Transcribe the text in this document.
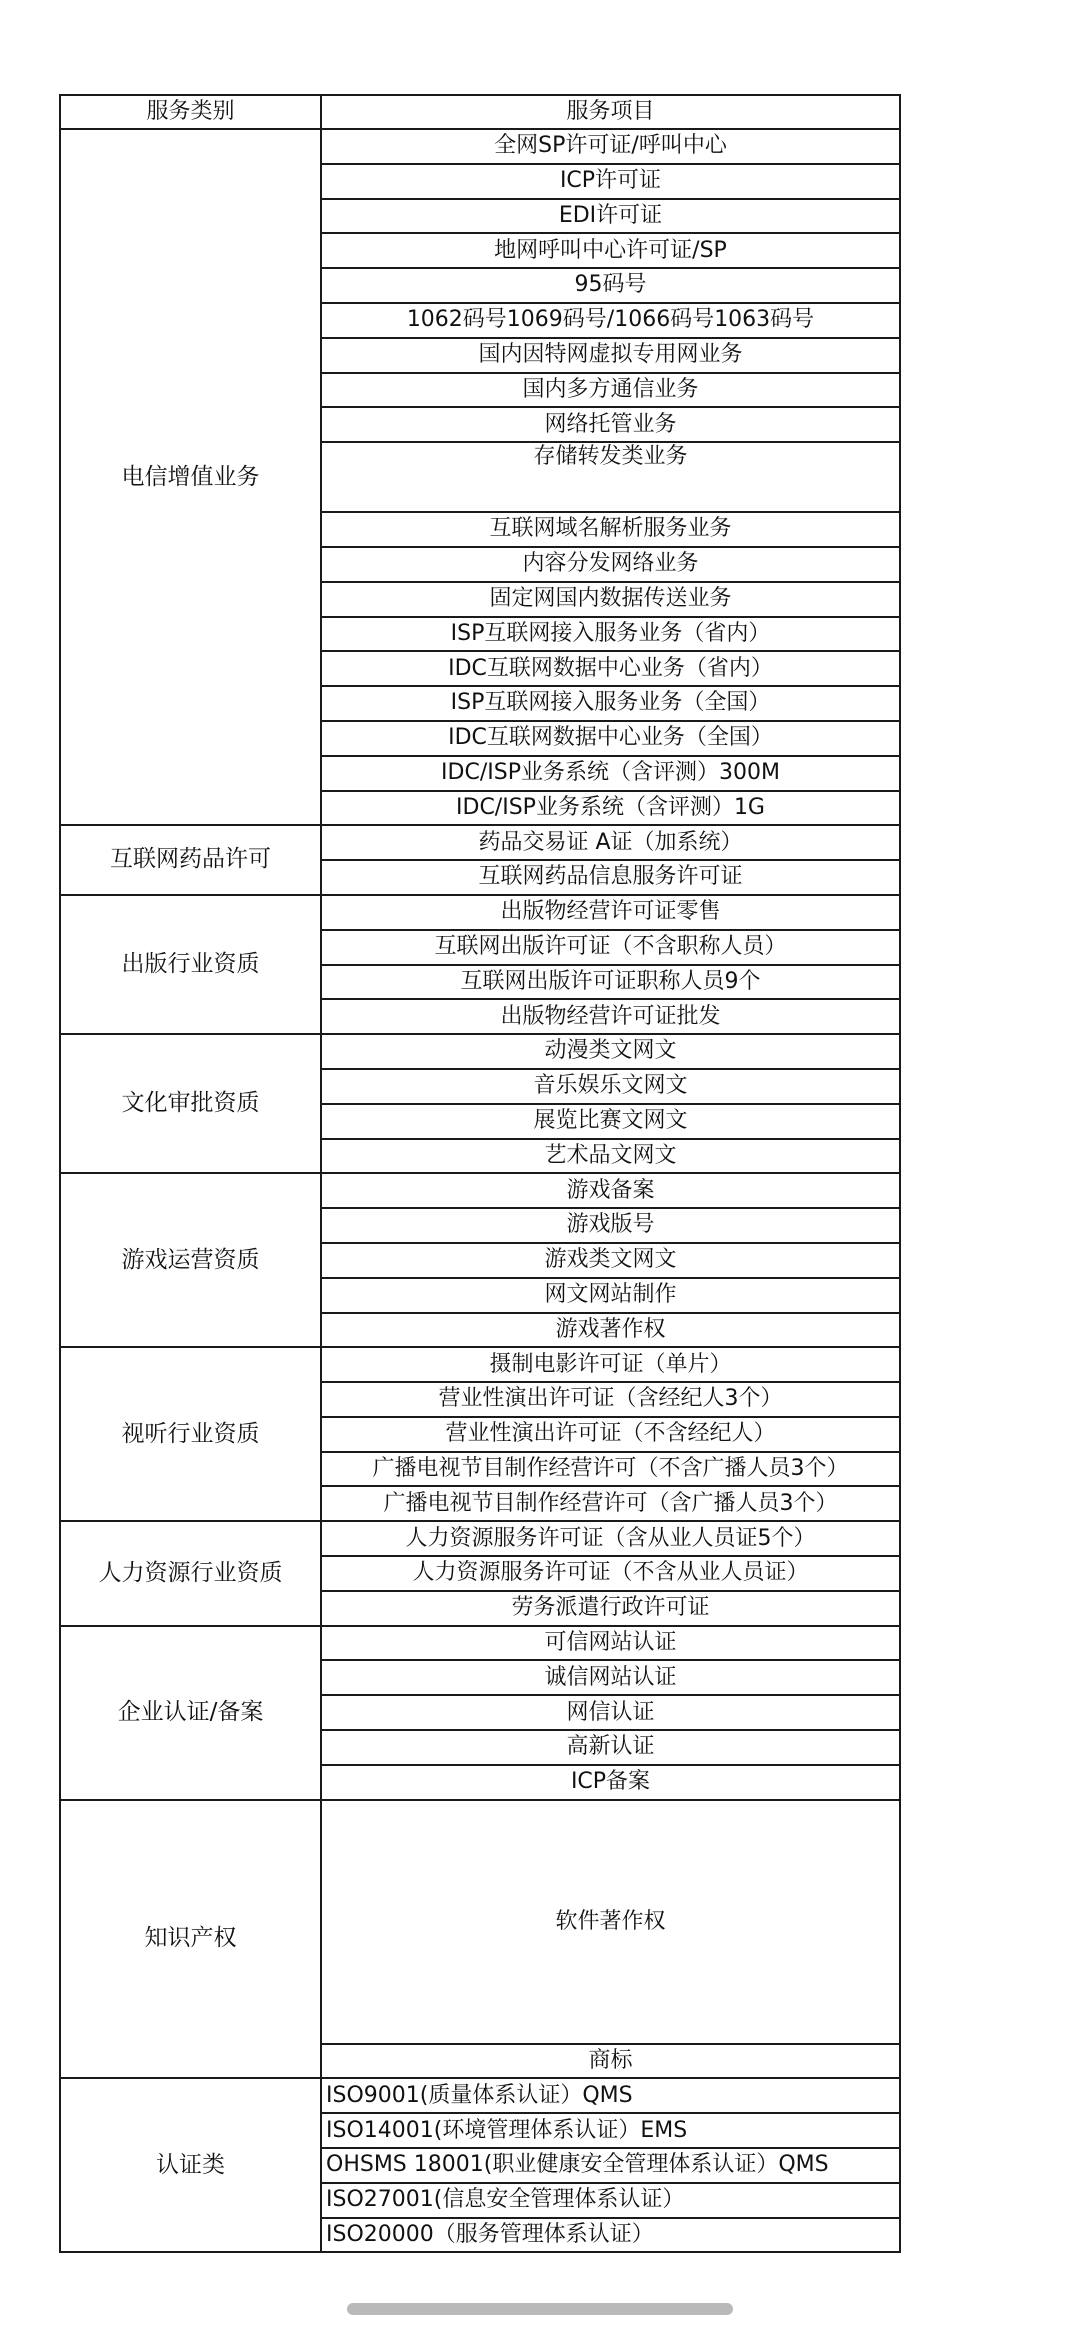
服务类别	服务项目
电信增值业务	全网SP许可证/呼叫中心
	ICP许可证
	EDI许可证
	地网呼叫中心许可证/SP
	95码号
	1062码号1069码号/1066码号1063码号
	国内因特网虚拟专用网业务
	国内多方通信业务
	网络托管业务
	存储转发类业务
	互联网域名解析服务业务
	内容分发网络业务
	固定网国内数据传送业务
	ISP互联网接入服务业务（省内）
	IDC互联网数据中心业务（省内）
	ISP互联网接入服务业务（全国）
	IDC互联网数据中心业务（全国）
	IDC/ISP业务系统（含评测）300M
	IDC/ISP业务系统（含评测）1G
互联网药品许可	药品交易证 A证（加系统）
	互联网药品信息服务许可证
出版行业资质	出版物经营许可证零售
	互联网出版许可证（不含职称人员）
	互联网出版许可证职称人员9个
	出版物经营许可证批发
文化审批资质	动漫类文网文
	音乐娱乐文网文
	展览比赛文网文
	艺术品文网文
游戏运营资质	游戏备案
	游戏版号
	游戏类文网文
	网文网站制作
	游戏著作权
视听行业资质	摄制电影许可证（单片）
	营业性演出许可证（含经纪人3个）
	营业性演出许可证（不含经纪人）
	广播电视节目制作经营许可（不含广播人员3个）
	广播电视节目制作经营许可（含广播人员3个）
人力资源行业资质	人力资源服务许可证（含从业人员证5个）
	人力资源服务许可证（不含从业人员证）
	劳务派遣行政许可证
企业认证/备案	可信网站认证
	诚信网站认证
	网信认证
	高新认证
	ICP备案
知识产权	软件著作权
	商标
认证类	ISO9001(质量体系认证）QMS
	ISO14001(环境管理体系认证）EMS
	OHSMS 18001(职业健康安全管理体系认证）QMS
	ISO27001(信息安全管理体系认证）
	ISO20000（服务管理体系认证）
